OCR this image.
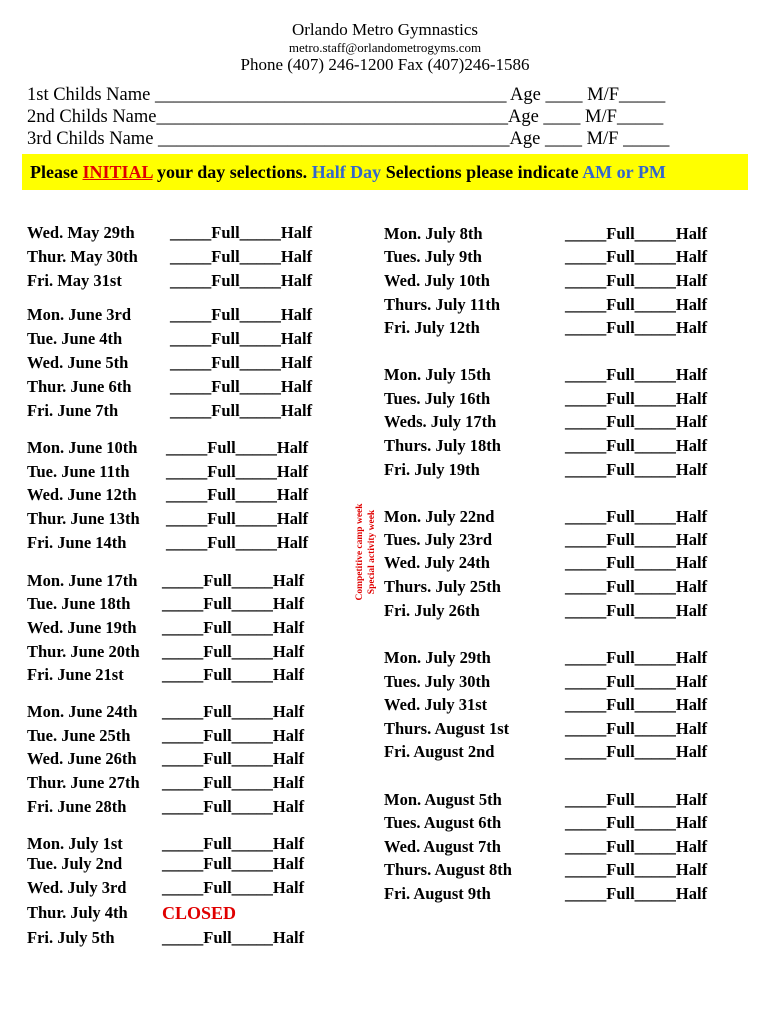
Orlando Metro Gymnastics
metro.staff@orlandometrogyms.com
Phone (407) 246-1200 Fax (407)246-1586
1st Childs Name ______________________________________ Age ____ M/F_____
2nd Childs Name______________________________________Age ____ M/F_____
3rd Childs Name ______________________________________Age ____ M/F _____
Please INITIAL your day selections. Half Day Selections please indicate AM or PM
Competitive camp week Special activity week
Wed. May 29th _____Full_____Half
Thur. May 30th _____Full_____Half
Fri. May 31st	_____Full_____Half
Mon. June 3rd _____Full_____Half
Tue. June 4th	_____Full_____Half
Wed. June 5th	_____Full_____Half
Thur. June 6th _____Full_____Half
Fri. June 7th	_____Full_____Half
Mon. June 10th _____Full_____Half
Tue. June 11th _____Full_____Half
Wed. June 12th _____Full_____Half
Thur. June 13th _____Full_____Half
Fri. June 14th _____Full_____Half
Mon. June 17th _____Full_____Half
Tue. June 18th _____Full_____Half
Wed. June 19th _____Full_____Half
Thur. June 20th _____Full_____Half
Fri. June 21st _____Full_____Half
Mon. June 24th _____Full_____Half
Tue. June 25th _____Full_____Half
Wed. June 26th _____Full_____Half
Thur. June 27th _____Full_____Half
Fri. June 28th _____Full_____Half
Mon. July 1st _____Full_____Half
Tue. July 2nd _____Full_____Half
Wed. July 3rd _____Full_____Half
Thur. July 4th CLOSED
Fri. July 5th	_____Full_____Half
Mon. July 8th	_____Full_____Half
Tues. July 9th	_____Full_____Half
Wed. July 10th	_____Full_____Half
Thurs. July 11th	_____Full_____Half
Fri. July 12th	_____Full_____Half
Mon. July 15th	_____Full_____Half
Tues. July 16th	_____Full_____Half
Weds. July 17th	_____Full_____Half
Thurs. July 18th	_____Full_____Half
Fri. July 19th	_____Full_____Half
Mon. July 22nd	_____Full_____Half
Tues. July 23rd	_____Full_____Half
Wed. July 24th	_____Full_____Half
Thurs. July 25th	_____Full_____Half
Fri. July 26th	_____Full_____Half
Mon. July 29th	_____Full_____Half
Tues. July 30th	_____Full_____Half
Wed. July 31st	_____Full_____Half
Thurs. August 1st	_____Full_____Half
Fri. August 2nd	_____Full_____Half
Mon. August 5th	_____Full_____Half
Tues. August 6th	_____Full_____Half
Wed. August 7th	_____Full_____Half
Thurs. August 8th	_____Full_____Half
Fri. August 9th	_____Full_____Half
